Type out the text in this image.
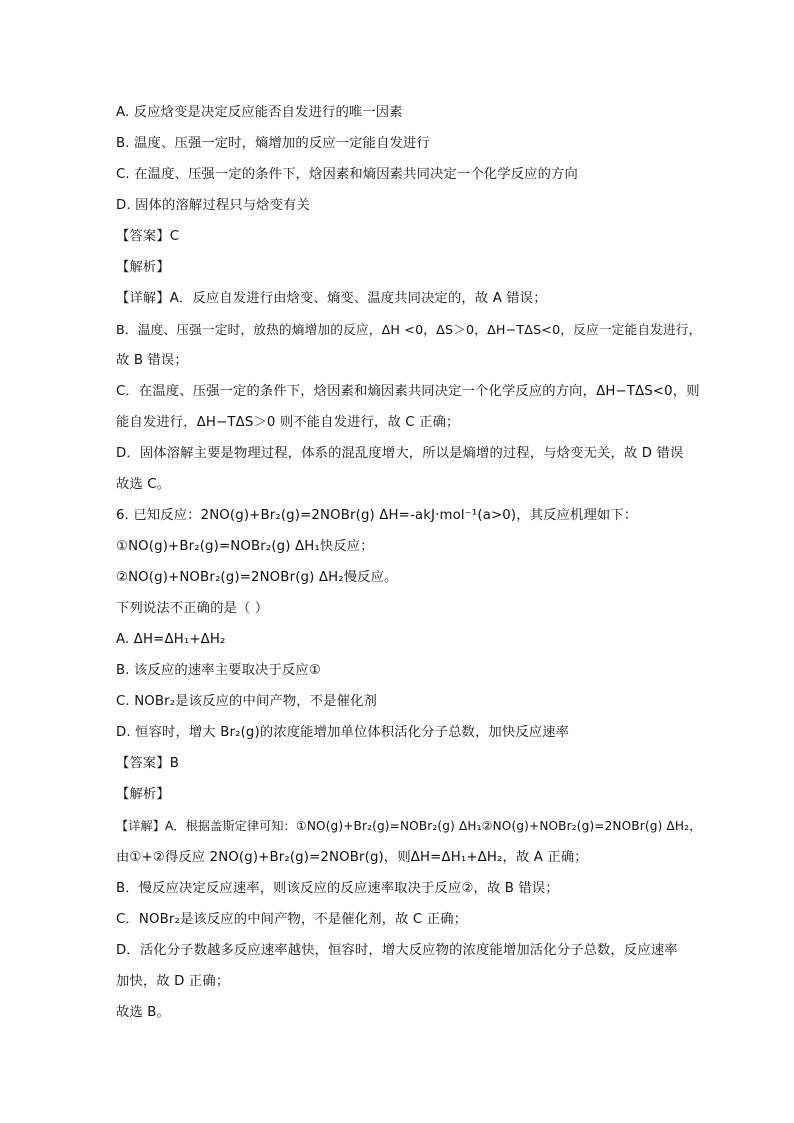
A. 反应焓变是决定反应能否自发进行的唯一因素
B. 温度、压强一定时，熵增加的反应一定能自发进行
C. 在温度、压强一定的条件下，焓因素和熵因素共同决定一个化学反应的方向
D. 固体的溶解过程只与焓变有关
【答案】C
【解析】
【详解】A．反应自发进行由焓变、熵变、温度共同决定的，故 A 错误；
B．温度、压强一定时，放热的熵增加的反应，ΔH <0，ΔS＞0，ΔH−TΔS<0，反应一定能自发进行，
故 B 错误；
C．在温度、压强一定的条件下，焓因素和熵因素共同决定一个化学反应的方向，ΔH−TΔS<0，则
能自发进行，ΔH−TΔS＞0 则不能自发进行，故 C 正确；
D．固体溶解主要是物理过程，体系的混乱度增大，所以是熵增的过程，与焓变无关，故 D 错误
故选 C。
6. 已知反应：2NO(g)+Br₂(g)=2NOBr(g) ΔH=-akJ·mol⁻¹(a>0)，其反应机理如下：
①NO(g)+Br₂(g)=NOBr₂(g) ΔH₁快反应；
②NO(g)+NOBr₂(g)=2NOBr(g) ΔH₂慢反应。
下列说法不正确的是（ ）
A. ΔH=ΔH₁+ΔH₂
B. 该反应的速率主要取决于反应①
C. NOBr₂是该反应的中间产物，不是催化剂
D. 恒容时，增大 Br₂(g)的浓度能增加单位体积活化分子总数，加快反应速率
【答案】B
【解析】
【详解】A．根据盖斯定律可知：①NO(g)+Br₂(g)=NOBr₂(g) ΔH₁②NO(g)+NOBr₂(g)=2NOBr(g) ΔH₂，
由①+②得反应 2NO(g)+Br₂(g)=2NOBr(g)，则ΔH=ΔH₁+ΔH₂，故 A 正确；
B．慢反应决定反应速率，则该反应的反应速率取决于反应②，故 B 错误；
C．NOBr₂是该反应的中间产物，不是催化剂，故 C 正确；
D．活化分子数越多反应速率越快，恒容时，增大反应物的浓度能增加活化分子总数，反应速率
加快，故 D 正确；
故选 B。
